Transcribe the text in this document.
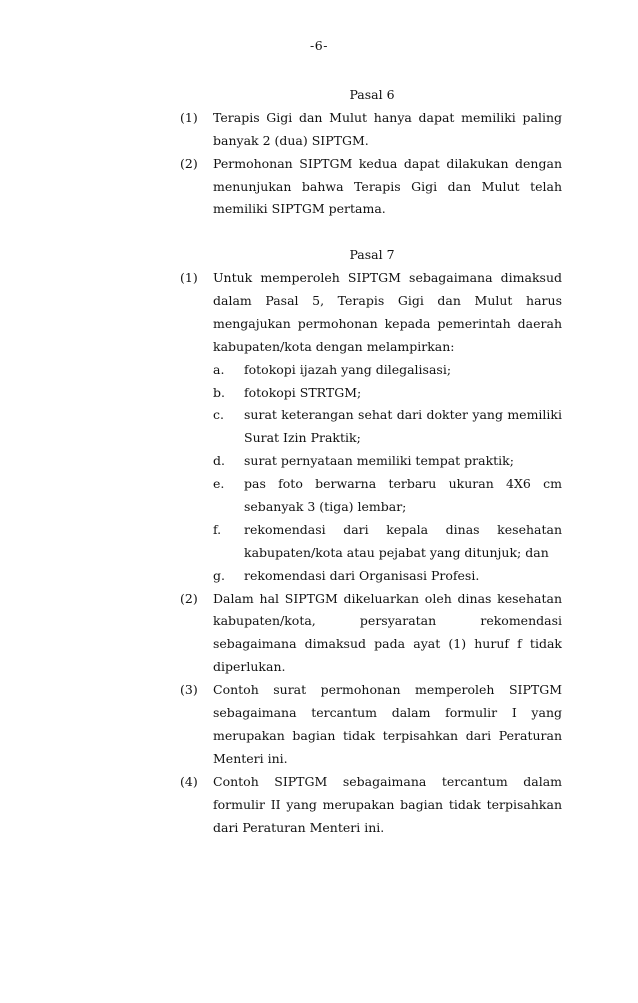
-6-
Pasal 6
(1) Terapis Gigi dan Mulut hanya dapat memiliki paling
banyak 2 (dua) SIPTGM.
(2) Permohonan SIPTGM kedua dapat dilakukan dengan
menunjukan bahwa Terapis Gigi dan Mulut telah
memiliki SIPTGM pertama.
Pasal 7
(1) Untuk memperoleh SIPTGM sebagaimana dimaksud
dalam Pasal 5, Terapis Gigi dan Mulut harus
mengajukan permohonan kepada pemerintah daerah
kabupaten/kota dengan melampirkan:
a. fotokopi ijazah yang dilegalisasi;
b. fotokopi STRTGM;
c. surat keterangan sehat dari dokter yang memiliki
Surat Izin Praktik;
d. surat pernyataan memiliki tempat praktik;
e. pas foto berwarna terbaru ukuran 4X6 cm
sebanyak 3 (tiga) lembar;
f. rekomendasi dari kepala dinas kesehatan
kabupaten/kota atau pejabat yang ditunjuk; dan
g. rekomendasi dari Organisasi Profesi.
(2) Dalam hal SIPTGM dikeluarkan oleh dinas kesehatan
kabupaten/kota, persyaratan rekomendasi
sebagaimana dimaksud pada ayat (1) huruf f tidak
diperlukan.
(3) Contoh surat permohonan memperoleh SIPTGM
sebagaimana tercantum dalam formulir I yang
merupakan bagian tidak terpisahkan dari Peraturan
Menteri ini.
(4) Contoh SIPTGM sebagaimana tercantum dalam
formulir II yang merupakan bagian tidak terpisahkan
dari Peraturan Menteri ini.
